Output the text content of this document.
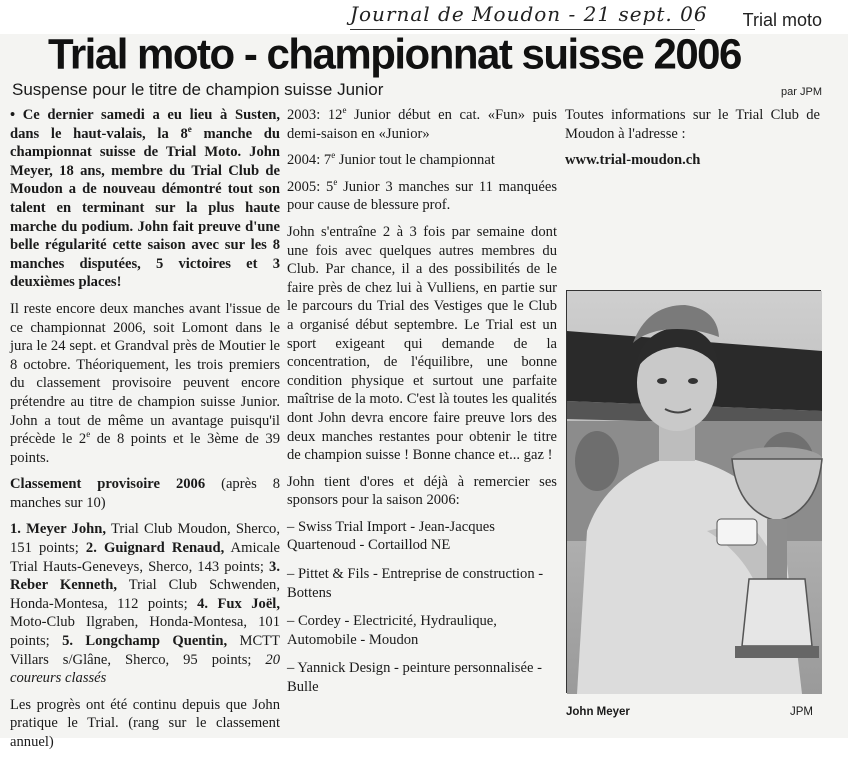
Journal de Moudon - 21 sept. 06 Trial moto
Trial moto - championnat suisse 2006
Suspense pour le titre de champion suisse Junior	par JPM

• Ce dernier samedi a eu lieu à Susten, dans le haut-valais, la 8e manche du championnat suisse de Trial Moto. John Meyer, 18 ans, membre du Trial Club de Moudon a de nouveau démontré tout son talent en terminant sur la plus haute marche du podium. John fait preuve d'une belle régularité cette saison avec sur les 8 manches disputées, 5 victoires et 3 deuxièmes places!

Il reste encore deux manches avant l'issue de ce championnat 2006, soit Lomont dans le jura le 24 sept. et Grandval près de Moutier le 8 octobre. Théoriquement, les trois premiers du classement provisoire peuvent encore prétendre au titre de champion suisse Junior. John a tout de même un avantage puisqu'il précède le 2e de 8 points et le 3ème de 39 points.

Classement provisoire 2006 (après 8 manches sur 10)

1. Meyer John, Trial Club Moudon, Sherco, 151 points; 2. Guignard Renaud, Amicale Trial Hauts-Geneveys, Sherco, 143 points; 3. Reber Kenneth, Trial Club Schwenden, Honda-Montesa, 112 points; 4. Fux Joël, Moto-Club Ilgraben, Honda-Montesa, 101 points; 5. Longchamp Quentin, MCTT Villars s/Glâne, Sherco, 95 points; 20 coureurs classés

Les progrès ont été continu depuis que John pratique le Trial. (rang sur le classement annuel)

2003: 12e Junior début en cat. «Fun» puis demi-saison en «Junior»

2004: 7e Junior tout le championnat

2005: 5e Junior 3 manches sur 11 manquées pour cause de blessure prof.

John s'entraîne 2 à 3 fois par semaine dont une fois avec quelques autres membres du Club. Par chance, il a des possibilités de le faire près de chez lui à Vulliens, en partie sur le parcours du Trial des Vestiges que le Club a organisé début septembre. Le Trial est un sport exigeant qui demande de la concentration, de l'équilibre, une bonne condition physique et surtout une parfaite maîtrise de la moto. C'est là toutes les qualités dont John devra encore faire preuve lors des deux manches restantes pour obtenir le titre de champion suisse ! Bonne chance et... gaz !

John tient d'ores et déjà à remercier ses sponsors pour la saison 2006:

– Swiss Trial Import - Jean-Jacques Quartenoud - Cortaillod NE

– Pittet & Fils - Entreprise de construction - Bottens

– Cordey - Electricité, Hydraulique, Automobile - Moudon

– Yannick Design - peinture personnalisée - Bulle

Toutes informations sur le Trial Club de Moudon à l'adresse :

www.trial-moudon.ch

John Meyer	JPM
